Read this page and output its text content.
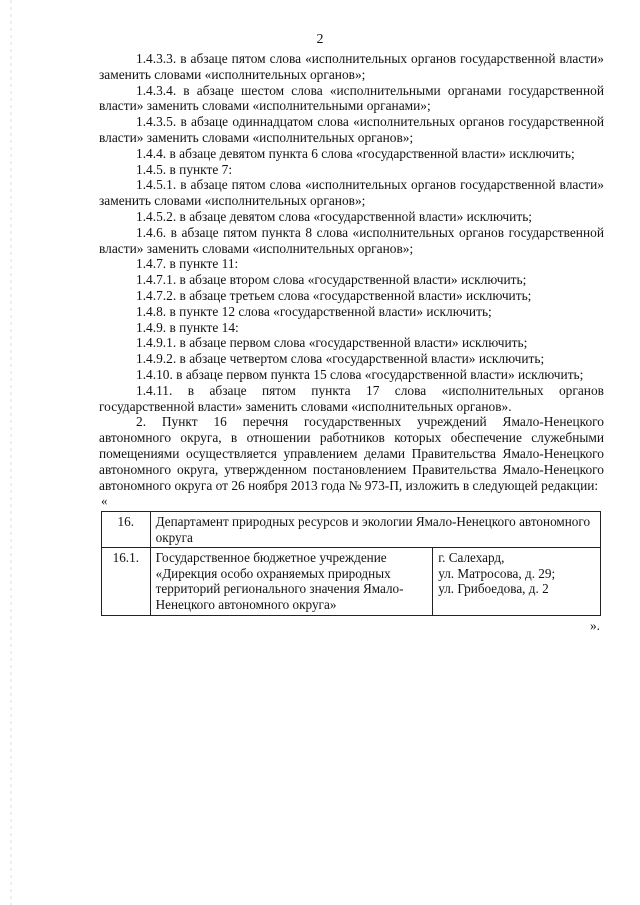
2

1.4.3.3. в абзаце пятом слова «исполнительных органов государственной власти» заменить словами «исполнительных органов»;

1.4.3.4. в абзаце шестом слова «исполнительными органами государственной власти» заменить словами «исполнительными органами»;

1.4.3.5. в абзаце одиннадцатом слова «исполнительных органов государственной власти» заменить словами «исполнительных органов»;

1.4.4. в абзаце девятом пункта 6 слова «государственной власти» исключить;

1.4.5. в пункте 7:

1.4.5.1. в абзаце пятом слова «исполнительных органов государственной власти» заменить словами «исполнительных органов»;

1.4.5.2. в абзаце девятом слова «государственной власти» исключить;

1.4.6. в абзаце пятом пункта 8 слова «исполнительных органов государственной власти» заменить словами «исполнительных органов»;

1.4.7. в пункте 11:

1.4.7.1. в абзаце втором слова «государственной власти» исключить;

1.4.7.2. в абзаце третьем слова «государственной власти» исключить;

1.4.8. в пункте 12 слова «государственной власти» исключить;

1.4.9. в пункте 14:

1.4.9.1. в абзаце первом слова «государственной власти» исключить;

1.4.9.2. в абзаце четвертом слова «государственной власти» исключить;

1.4.10. в абзаце первом пункта 15 слова «государственной власти» исключить;

1.4.11. в абзаце пятом пункта 17 слова «исполнительных органов государственной власти» заменить словами «исполнительных органов».

2. Пункт 16 перечня государственных учреждений Ямало-Ненецкого автономного округа, в отношении работников которых обеспечение служебными помещениями осуществляется управлением делами Правительства Ямало-Ненецкого автономного округа, утвержденном постановлением Правительства Ямало-Ненецкого автономного округа от 26 ноября 2013 года № 973-П, изложить в следующей редакции:

«

16.	Департамент природных ресурсов и экологии Ямало-Ненецкого автономного округа	
16.1.	Государственное бюджетное учреждение «Дирекция особо охраняемых природных территорий регионального значения Ямало-Ненецкого автономного округа»	г. Салехард,
ул. Матросова, д. 29;
ул. Грибоедова, д. 2

».
